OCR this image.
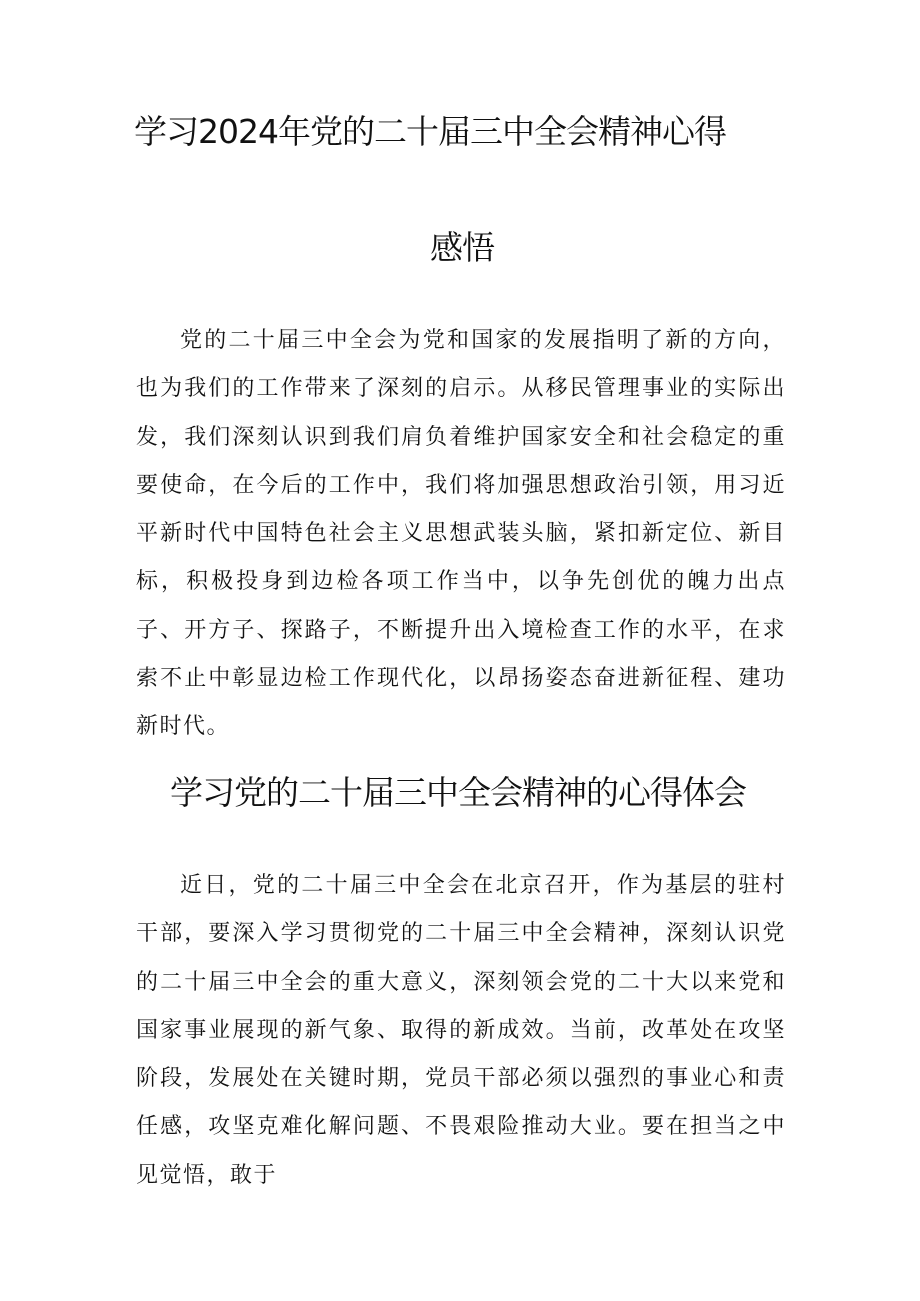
学习2024年党的二十届三中全会精神心得
感悟

党的二十届三中全会为党和国家的发展指明了新的方向，也为我们的工作带来了深刻的启示。从移民管理事业的实际出发，我们深刻认识到我们肩负着维护国家安全和社会稳定的重要使命，在今后的工作中，我们将加强思想政治引领，用习近平新时代中国特色社会主义思想武装头脑，紧扣新定位、新目标，积极投身到边检各项工作当中，以争先创优的魄力出点子、开方子、探路子，不断提升出入境检查工作的水平，在求索不止中彰显边检工作现代化，以昂扬姿态奋进新征程、建功新时代。

学习党的二十届三中全会精神的心得体会

近日，党的二十届三中全会在北京召开，作为基层的驻村干部，要深入学习贯彻党的二十届三中全会精神，深刻认识党的二十届三中全会的重大意义，深刻领会党的二十大以来党和国家事业展现的新气象、取得的新成效。当前，改革处在攻坚阶段，发展处在关键时期，党员干部必须以强烈的事业心和责任感，攻坚克难化解问题、不畏艰险推动大业。要在担当之中见觉悟，敢于
